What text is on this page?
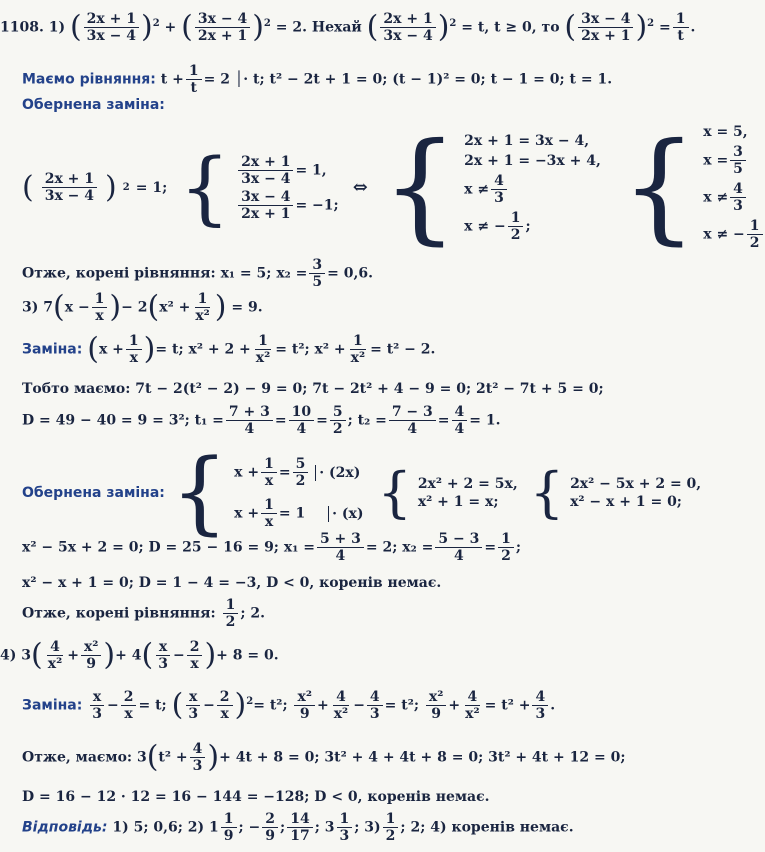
1108. 1) ( $\frac{2x + 1}{3x - 4} )^2$ + ( $\frac{3x - 4}{2x + 1} )^2 = 2$. Нехай ( $\frac{2x + 1}{3x - 4} )^2 = t$, t ≥ 0, то ( $\frac{3x - 4}{2x + 1} )^2 = \frac{1}{t}$ .
Маємо рівняння: $t + \frac{1}{t} = 2$ │· t; t² − 2t + 1 = 0; (t − 1)² = 0; t − 1 = 0; t = 1.
Обернена заміна:
( $\frac{2x + 1}{3x - 4}$ ) 2 = 1; { $\frac{2x + 1}{3x - 4} = 1$,
$\frac{3x - 4}{2x + 1} = -1$;
⇔ { 2x + 1 = 3x − 4,
2x + 1 = −3x + 4,
$x \ne \frac{4}{3}$
x ≠ − $\frac{1}{2}$ ; { x = 5,
$x = \frac{3}{5}$
$x \ne \frac{4}{3}$
x ≠ − $\frac{1}{2}$
Отже, корені рівняння: x₁ = 5; $x_2 = \frac{3}{5} = 0,6$.
3) $7(x - \frac{1}{x}$ )− $2(x^2 + \frac{1}{\text{x²}}$ ) = 9.
Заміна: ($x + \frac{1}{x}$ )= t; $x^2 + 2 + \frac{1}{\text{x²}} = t^2$; $x^2 + \frac{1}{\text{x²}} = t^2 - 2$.
Тобто маємо: 7t − 2(t² − 2) − 9 = 0; 7t − 2t² + 4 − 9 = 0; 2t² − 7t + 5 = 0;
D = 49 − 40 = 9 = 3²; $t_1 = \frac{7 + 3}{4} = \frac{10}{4} = \frac{5}{2}$ ; $t_2 = \frac{7 - 3}{4} = \frac{4}{4} = 1$.
Обернена заміна: { $x + \frac{1}{x} = \frac{5}{2} \cdot (2x)$
$x + \frac{1}{x} = 1 \cdot (x)$ { 2x² + 2 = 5x,
x² + 1 = x; { 2x² − 5x + 2 = 0,
x² − x + 1 = 0;
x² − 5x + 2 = 0; D = 25 − 16 = 9; $x_1 = \frac{5 + 3}{4} = 2$; $x_2 = \frac{5 - 3}{4} = \frac{1}{2}$ ;
x² − x + 1 = 0; D = 1 − 4 = −3, D < 0, коренів немає.
Отже, корені рівняння: $\frac{1}{2}$ ; 2.
4) $3( \frac{4}{\text{x²}} + \frac{\text{x²}}{9}$ )+ $4( \frac{x}{3} - \frac{2}{x}$ )+ 8 = 0.
Заміна: $\frac{x}{3} - \frac{2}{x} = t$; ( $\frac{x}{3} - \frac{2}{x} )^2= t^2$; $\frac{\text{x²}}{9} + \frac{4}{\text{x²}} - \frac{4}{3} = t^2$; $\frac{\text{x²}}{9} + \frac{4}{\text{x²}} = t^2 + \frac{4}{3}$ .
Отже, маємо: $3(t^2 + \frac{4}{3}$ )+ 4t + 8 = 0; 3t² + 4 + 4t + 8 = 0; 3t² + 4t + 12 = 0;
D = 16 − 12 · 12 = 16 − 144 = −128; D < 0, коренів немає.
Відповідь: 1) 5; 0,6; 2) $1 \frac{1}{9}$ ; − $\frac{2}{9}$ ; $\frac{14}{17}$ ; $3 \frac{1}{3}$ ; $3) \frac{1}{2}$ ; 2; 4) коренів немає.
